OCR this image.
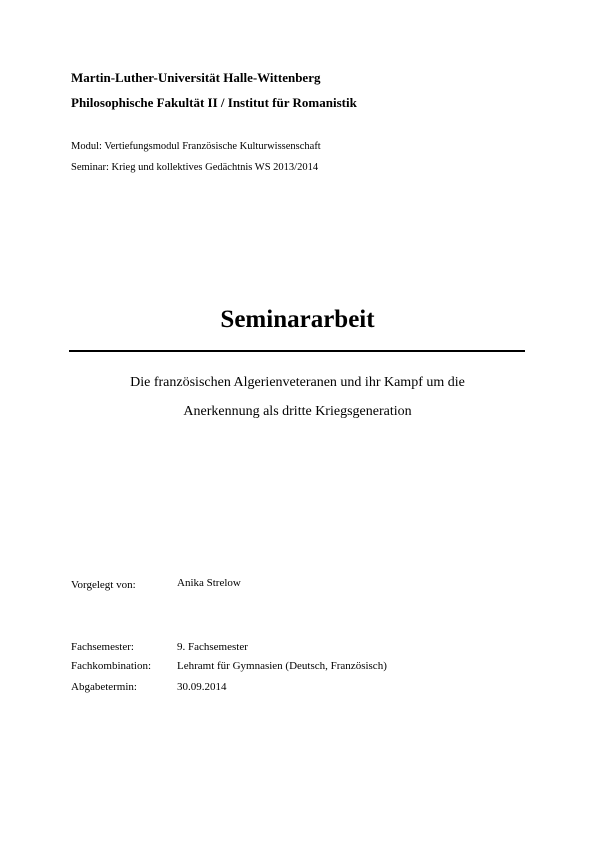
Martin-Luther-Universität Halle-Wittenberg
Philosophische Fakultät II / Institut für Romanistik
Modul: Vertiefungsmodul Französische Kulturwissenschaft
Seminar: Krieg und kollektives Gedächtnis WS 2013/2014
Seminararbeit
Die französischen Algerienveteranen und ihr Kampf um die
Anerkennung als dritte Kriegsgeneration
Vorgelegt von:	Anika Strelow
Fachsemester:	9. Fachsemester
Fachkombination: Lehramt für Gymnasien (Deutsch, Französisch)
Abgabetermin:	30.09.2014
